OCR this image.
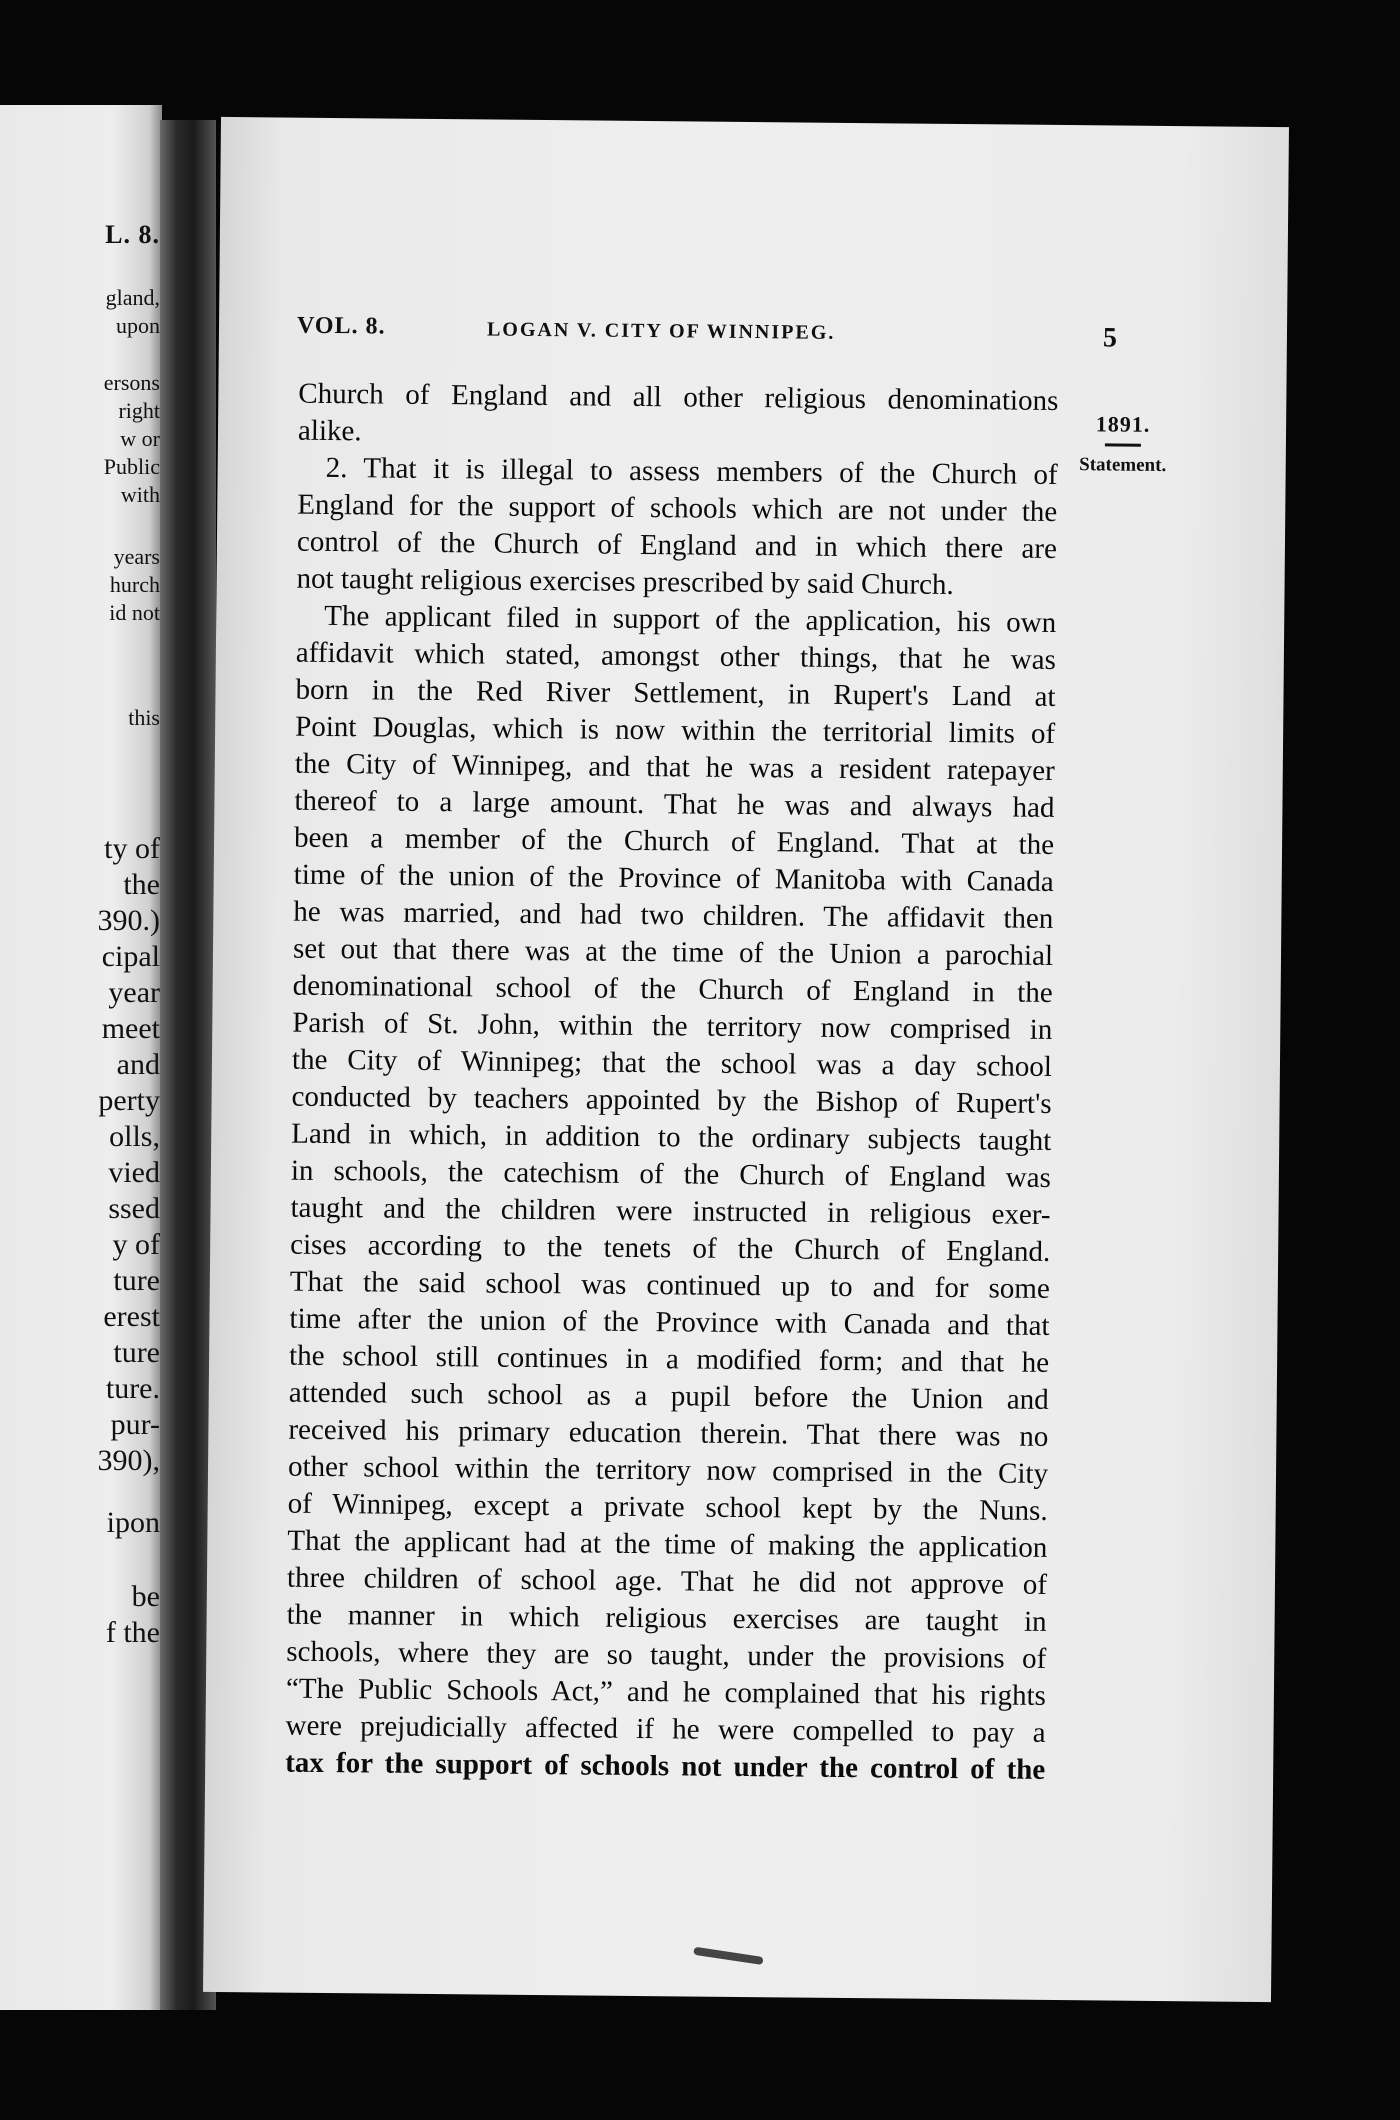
L. 8.
gland,
upon
ersons
right
w or
Public
with
years
hurch
id not
this
ty of
the
390.)
cipal
year
meet
and
perty
olls,
vied
ssed
y of
ture
erest
ture
ture.
pur-
390),
ipon
be
f the
VOL. 8.	LOGAN V. CITY OF WINNIPEG.	5
1891.
Statement.
Church of England and all other religious denominations
alike.
2. That it is illegal to assess members of the Church of
England for the support of schools which are not under the
control of the Church of England and in which there are
not taught religious exercises prescribed by said Church.
The applicant filed in support of the application, his own
affidavit which stated, amongst other things, that he was
born in the Red River Settlement, in Rupert's Land at
Point Douglas, which is now within the territorial limits of
the City of Winnipeg, and that he was a resident ratepayer
thereof to a large amount. That he was and always had
been a member of the Church of England. That at the
time of the union of the Province of Manitoba with Canada
he was married, and had two children. The affidavit then
set out that there was at the time of the Union a parochial
denominational school of the Church of England in the
Parish of St. John, within the territory now comprised in
the City of Winnipeg; that the school was a day school
conducted by teachers appointed by the Bishop of Rupert's
Land in which, in addition to the ordinary subjects taught
in schools, the catechism of the Church of England was
taught and the children were instructed in religious exer-
cises according to the tenets of the Church of England.
That the said school was continued up to and for some
time after the union of the Province with Canada and that
the school still continues in a modified form; and that he
attended such school as a pupil before the Union and
received his primary education therein. That there was no
other school within the territory now comprised in the City
of Winnipeg, except a private school kept by the Nuns.
That the applicant had at the time of making the application
three children of school age. That he did not approve of
the manner in which religious exercises are taught in
schools, where they are so taught, under the provisions of
“The Public Schools Act,” and he complained that his rights
were prejudicially affected if he were compelled to pay a
tax for the support of schools not under the control of the
